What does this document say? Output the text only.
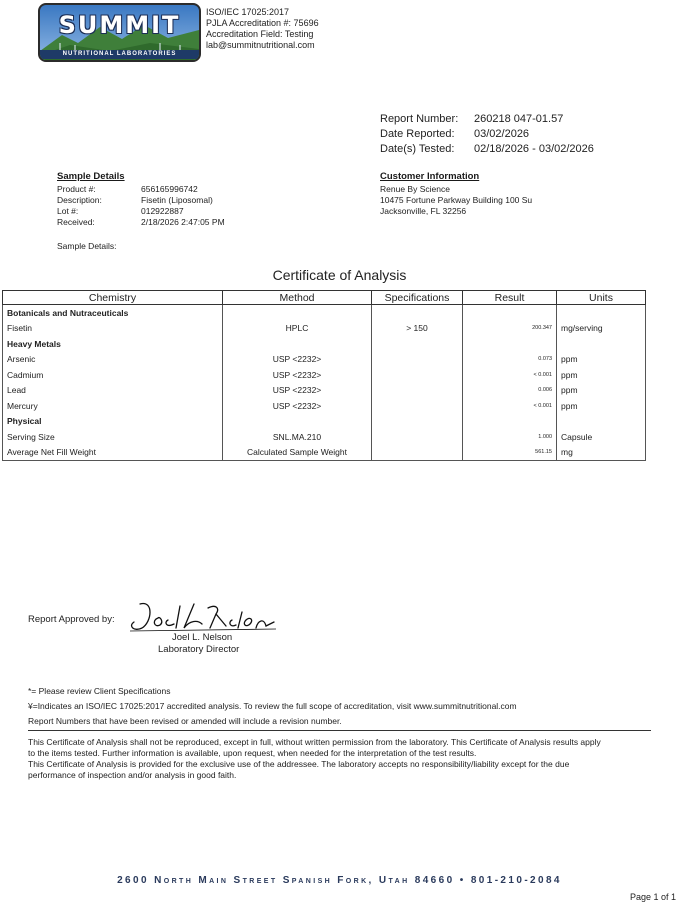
SUMMIT
NUTRITIONAL LABORATORIES
ISO/IEC 17025:2017
PJLA Accreditation #: 75696
Accreditation Field: Testing
lab@summitnutritional.com
Report Number: 260218 047-01.57
Date Reported: 03/02/2026
Date(s) Tested: 02/18/2026 - 03/02/2026
Sample Details
Product #:	656165996742
Description:	Fisetin (Liposomal)
Lot #:	012922887
Received:	2/18/2026 2:47:05 PM
Sample Details:
Customer Information
Renue By Science
10475 Fortune Parkway Building 100 Su
Jacksonville, FL 32256
Certificate of Analysis
Chemistry	Method	Specifications	Result	Units
Botanicals and Nutraceuticals				
Fisetin	HPLC	> 150	200.347	mg/serving
Heavy Metals				
Arsenic	USP <2232>		0.073	ppm
Cadmium	USP <2232>		< 0.001	ppm
Lead	USP <2232>		0.006	ppm
Mercury	USP <2232>		< 0.001	ppm
Physical				
Serving Size	SNL.MA.210		1.000	Capsule
Average Net Fill Weight	Calculated Sample Weight		561.15	mg
Report Approved by:
Joel L. Nelson
Laboratory Director
*= Please review Client Specifications
¥=Indicates an ISO/IEC 17025:2017 accredited analysis. To review the full scope of accreditation, visit www.summitnutritional.com
Report Numbers that have been revised or amended will include a revision number.
This Certificate of Analysis shall not be reproduced, except in full, without written permission from the laboratory. This Certificate of Analysis results apply
to the items tested. Further information is available, upon request, when needed for the interpretation of the test results.
This Certificate of Analysis is provided for the exclusive use of the addressee. The laboratory accepts no responsibility/liability except for the due
performance of inspection and/or analysis in good faith.
2600 North Main Street Spanish Fork, Utah 84660 • 801-210-2084
Page 1 of 1
